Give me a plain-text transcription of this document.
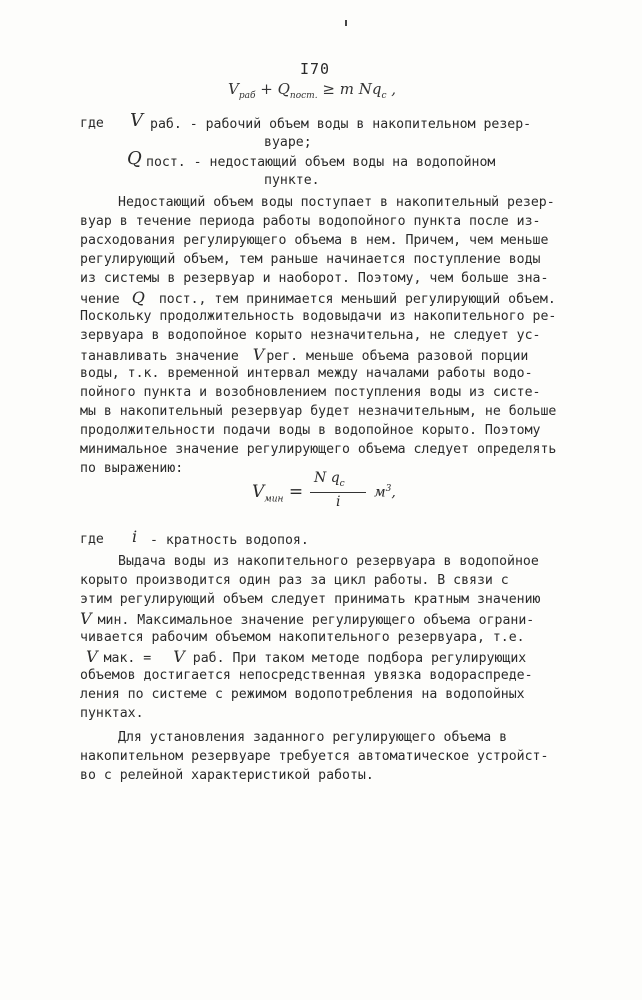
I70
$V_{раб} + Q_{пост.} \ge m$ $Nq_c$ ,
где V раб. - рабочий объем воды в накопительном резер-
вуаре;
Q пост. - недостающий объем воды на водопойном
пункте.
Недостающий объем воды поступает в накопительный резер-
вуар в течение периода работы водопойного пункта после из-
расходования регулирующего объема в нем. Причем, чем меньше
регулирующий объем, тем раньше начинается поступление воды
из системы в резервуар и наоборот. Поэтому, чем больше зна-
чение Q пост., тем принимается меньший регулирующий объем.
Поскольку продолжительность водовыдачи из накопительного ре-
зервуара в водопойное корыто незначительна, не следует ус-
танавливать значение V рег. меньше объема разовой порции
воды, т.к. временной интервал между началами работы водо-
пойного пункта и возобновлением поступления воды из систе-
мы в накопительный резервуар будет незначительным, не больше
продолжительности подачи воды в водопойное корыто. Поэтому
минимальное значение регулирующего объема следует определять
по выражению:
$V_{мин}$ =
N $q_c$
i
$м^3$,
где i - кратность водопоя.
Выдача воды из накопительного резервуара в водопойное
корыто производится один раз за цикл работы. В связи с
этим регулирующий объем следует принимать кратным значению
V мин. Максимальное значение регулирующего объема ограни-
чивается рабочим объемом накопительного резервуара, т.е.
V мак. = V раб. При таком методе подбора регулирующих
объемов достигается непосредственная увязка водораспреде-
ления по системе с режимом водопотребления на водопойных
пунктах.
Для установления заданного регулирующего объема в
накопительном резервуаре требуется автоматическое устройст-
во с релейной характеристикой работы.
